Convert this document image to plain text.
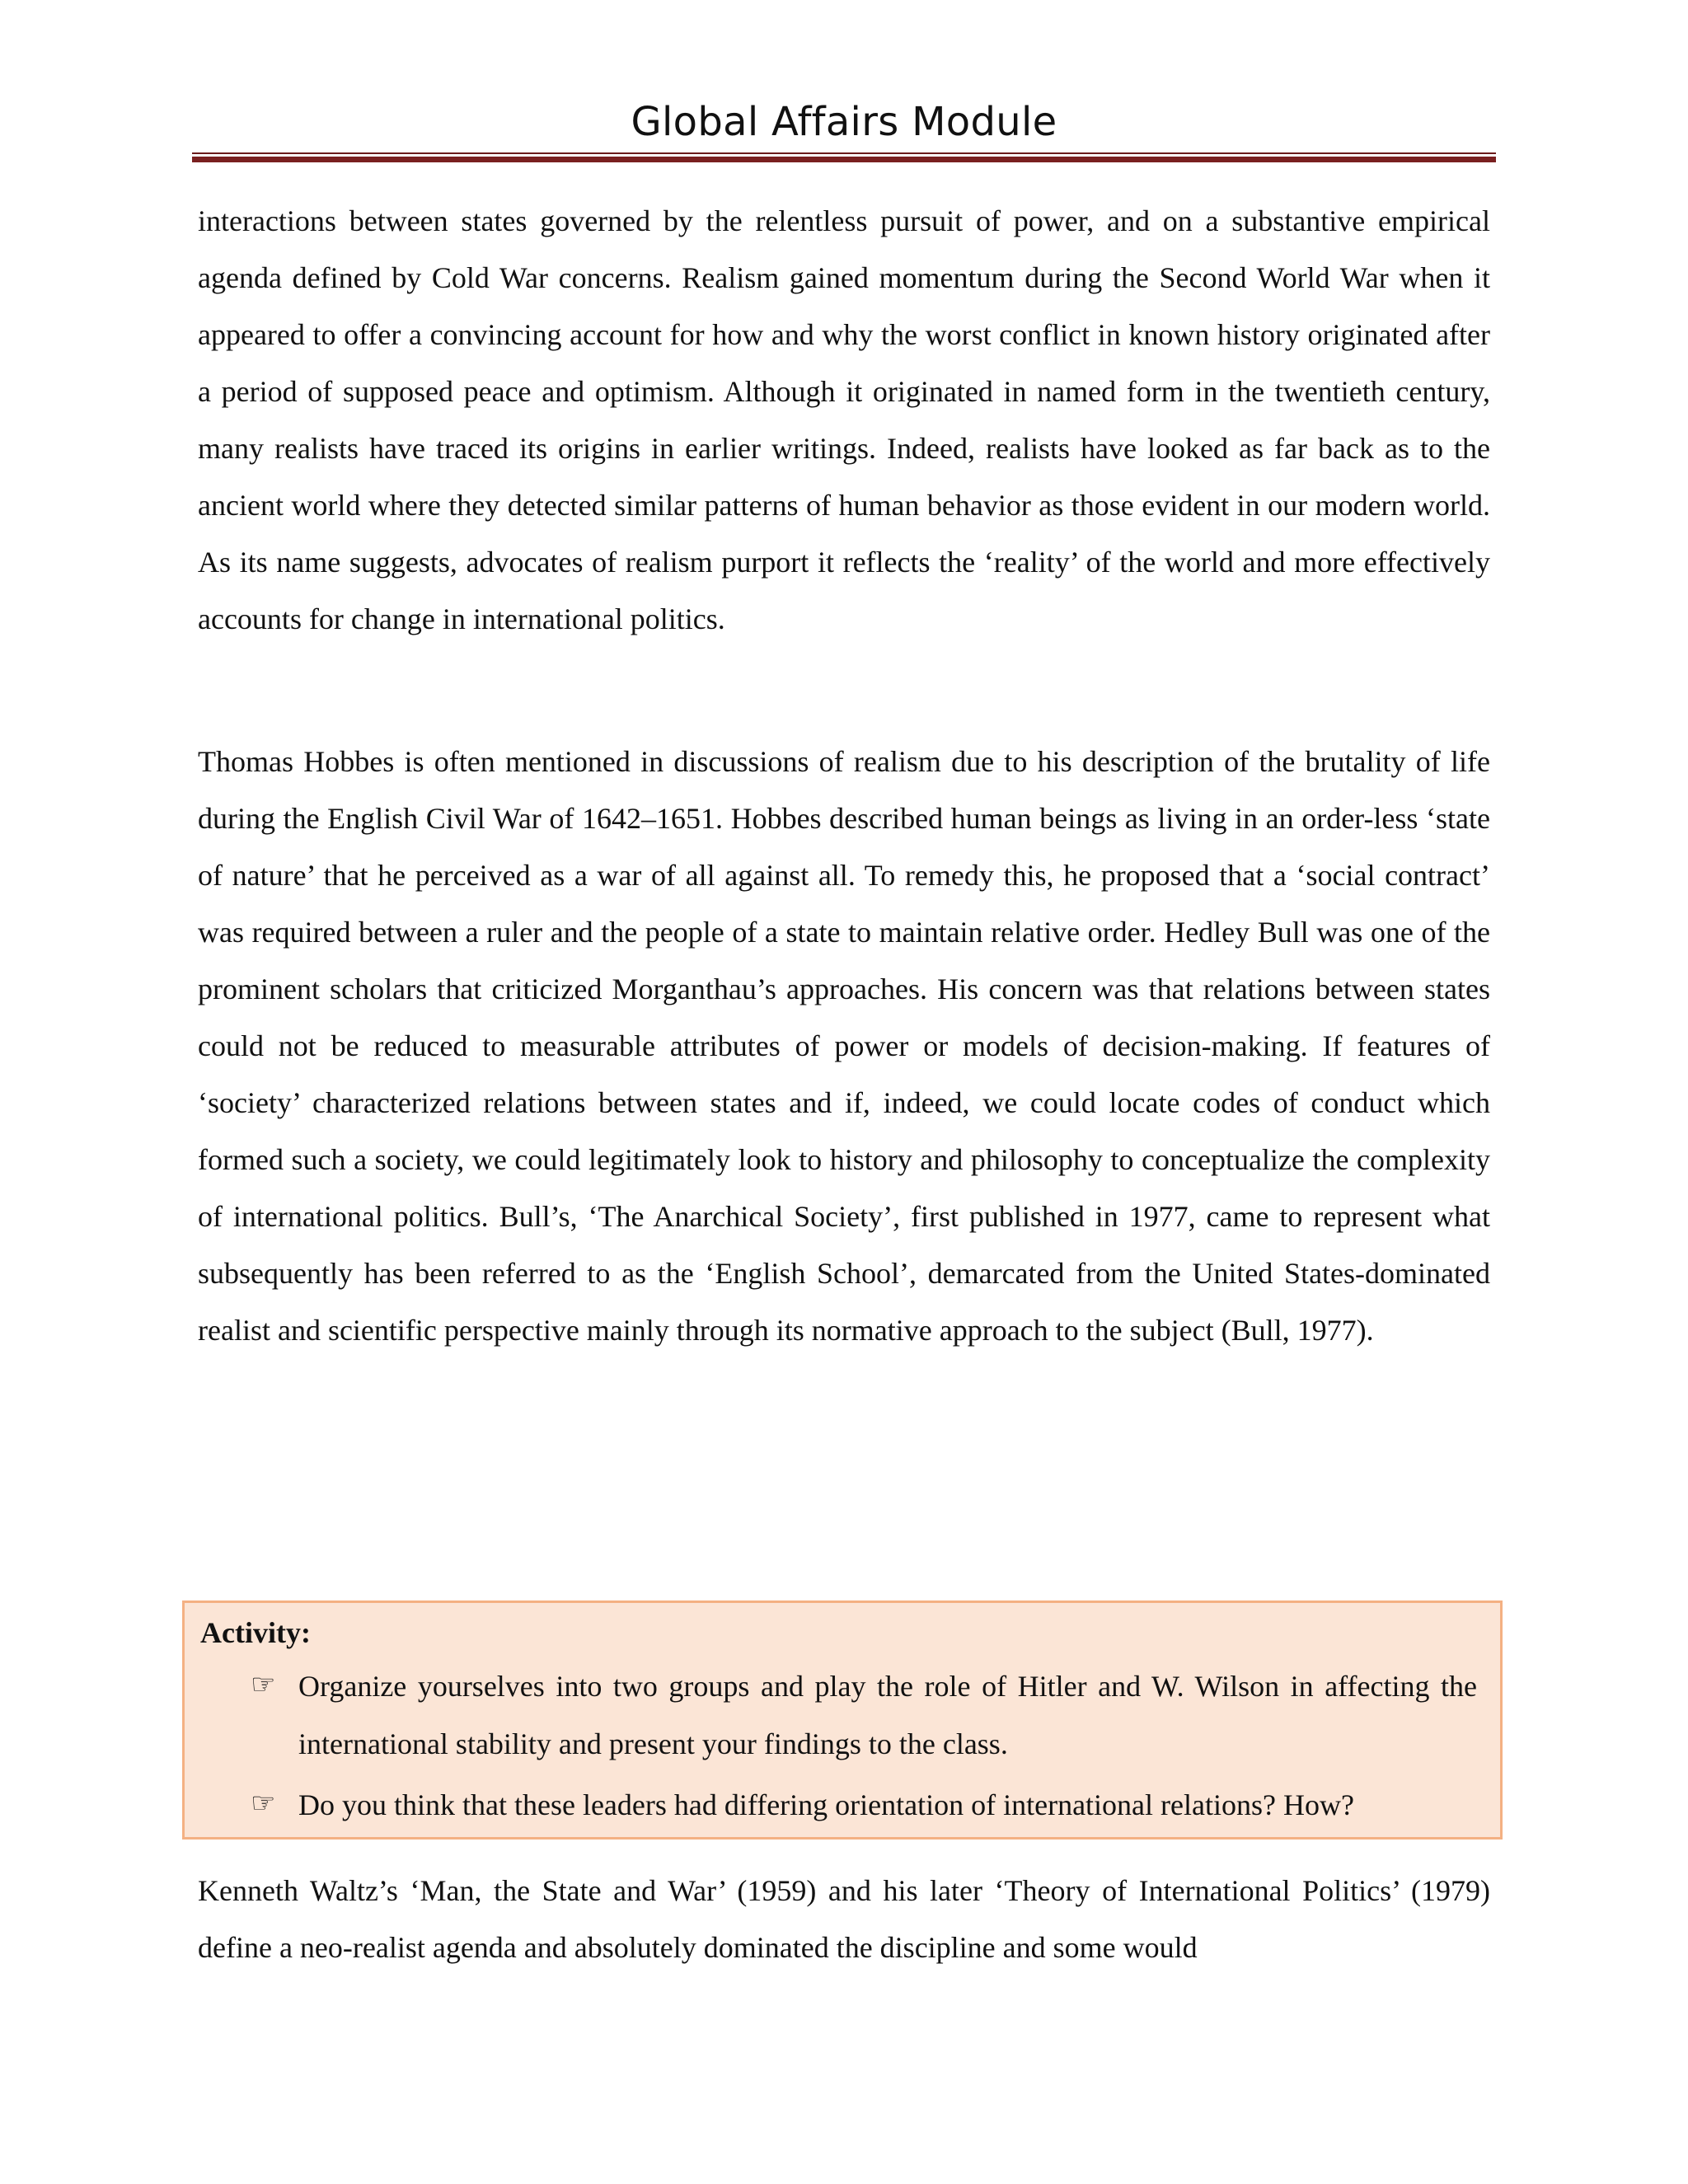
Global Affairs Module

interactions between states governed by the relentless pursuit of power, and on a substantive empirical agenda defined by Cold War concerns. Realism gained momentum during the Second World War when it appeared to offer a convincing account for how and why the worst conflict in known history originated after a period of supposed peace and optimism. Although it originated in named form in the twentieth century, many realists have traced its origins in earlier writings. Indeed, realists have looked as far back as to the ancient world where they detected similar patterns of human behavior as those evident in our modern world. As its name suggests, advocates of realism purport it reflects the ‘reality’ of the world and more effectively accounts for change in international politics.

Thomas Hobbes is often mentioned in discussions of realism due to his description of the brutality of life during the English Civil War of 1642–1651. Hobbes described human beings as living in an order-less ‘state of nature’ that he perceived as a war of all against all. To remedy this, he proposed that a ‘social contract’ was required between a ruler and the people of a state to maintain relative order. Hedley Bull was one of the prominent scholars that criticized Morganthau’s approaches. His concern was that relations between states could not be reduced to measurable attributes of power or models of decision-making. If features of ‘society’ characterized relations between states and if, indeed, we could locate codes of conduct which formed such a society, we could legitimately look to history and philosophy to conceptualize the complexity of international politics. Bull’s, ‘The Anarchical Society’, first published in 1977, came to represent what subsequently has been referred to as the ‘English School’, demarcated from the United States-dominated realist and scientific perspective mainly through its normative approach to the subject (Bull, 1977).

Activity:
☞ Organize yourselves into two groups and play the role of Hitler and W. Wilson in affecting the international stability and present your findings to the class.
☞ Do you think that these leaders had differing orientation of international relations? How?

Kenneth Waltz’s ‘Man, the State and War’ (1959) and his later ‘Theory of International Politics’ (1979) define a neo-realist agenda and absolutely dominated the discipline and some would
